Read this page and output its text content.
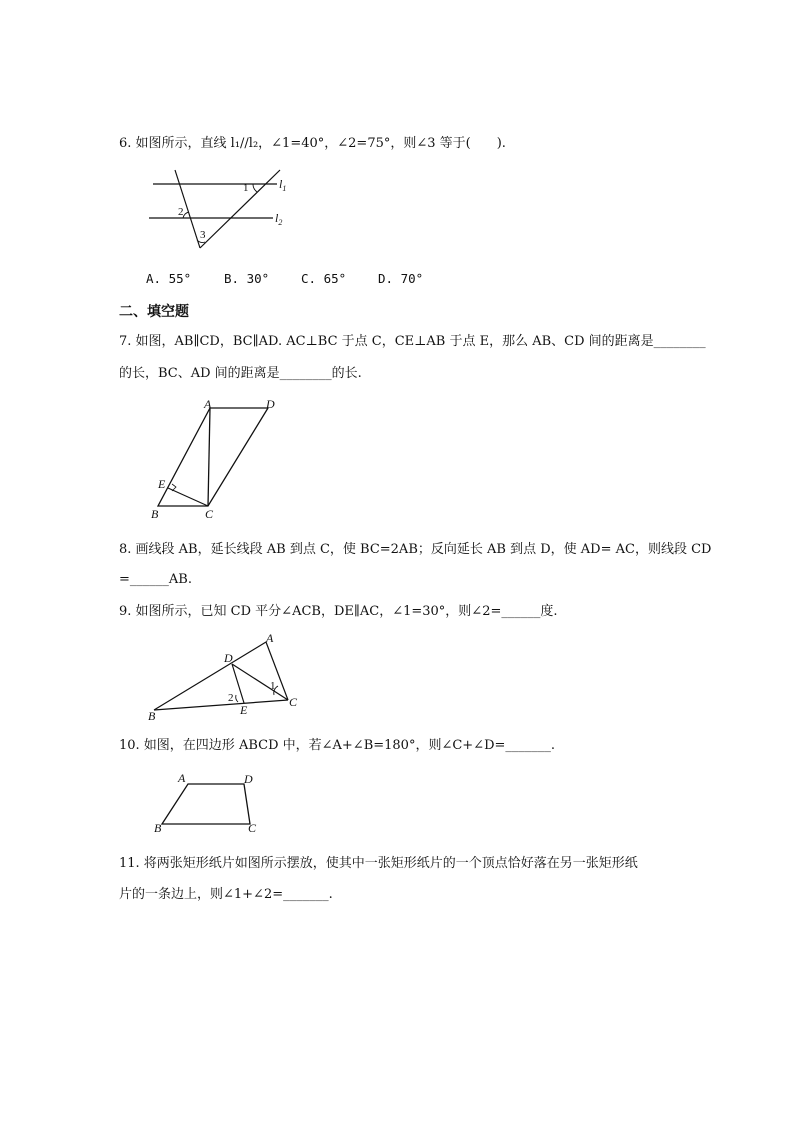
6. 如图所示，直线 l₁//l₂，∠1=40°，∠2=75°，则∠3 等于(　　).
$l_1$
$l_2$
1
2
3
A. 55°	B. 30°	C. 65°	D. 70°
二、填空题
7. 如图，AB∥CD，BC∥AD. AC⊥BC 于点 C，CE⊥AB 于点 E，那么 AB、CD 间的距离是________
的长，BC、AD 间的距离是________的长.
A	D
E
B	C
8. 画线段 AB，延长线段 AB 到点 C，使 BC=2AB；反向延长 AB 到点 D，使 AD= AC，则线段 CD
=______AB.
9. 如图所示，已知 CD 平分∠ACB，DE∥AC，∠1=30°，则∠2=______度.
A
D
B	E
C
1
2
10. 如图，在四边形 ABCD 中，若∠A+∠B=180°，则∠C+∠D=_______.
A	D
B	C
11. 将两张矩形纸片如图所示摆放，使其中一张矩形纸片的一个顶点恰好落在另一张矩形纸
片的一条边上，则∠1+∠2=_______.
